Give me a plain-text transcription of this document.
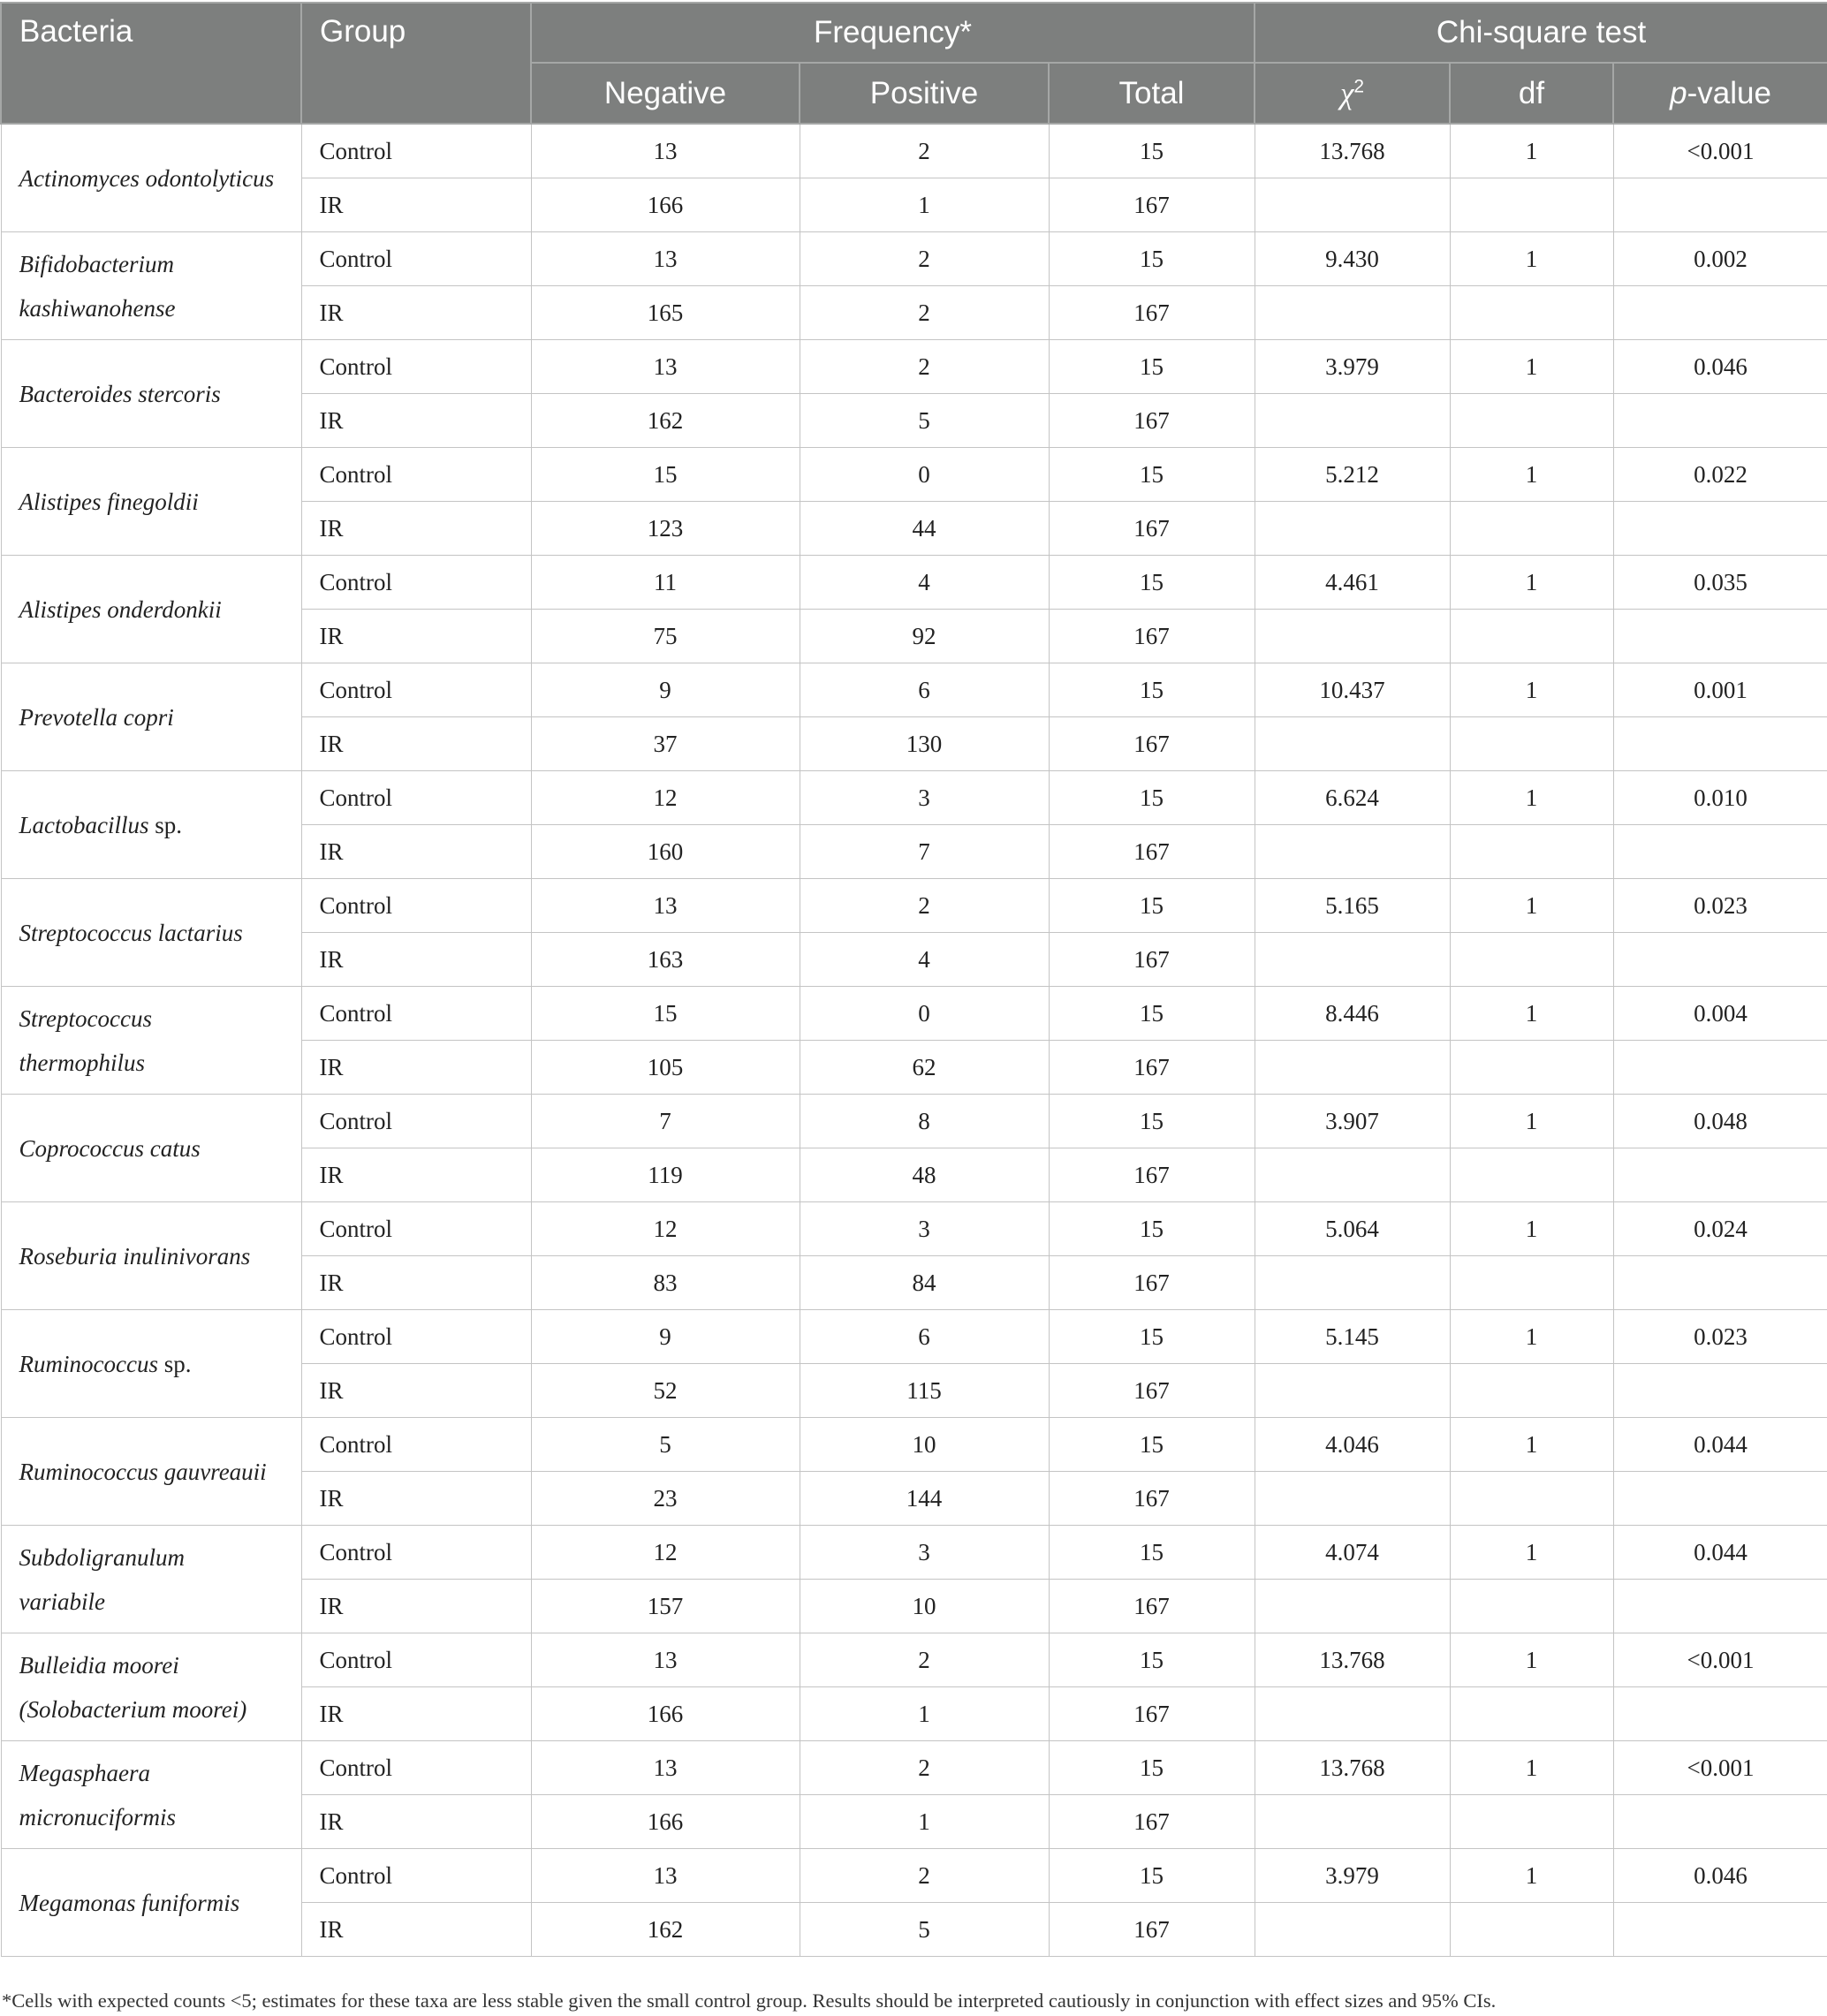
Bacteria	Group	Frequency*			Chi-square test		
		Negative	Positive	Total	$\chi^2$	df	p-value
Actinomyces odontolyticus	Control	13	2	15	13.768	1	<0.001
	IR	166	1	167			
Bifidobacterium
kashiwanohense	Control	13	2	15	9.430	1	0.002
	IR	165	2	167			
Bacteroides stercoris	Control	13	2	15	3.979	1	0.046
	IR	162	5	167			
Alistipes finegoldii	Control	15	0	15	5.212	1	0.022
	IR	123	44	167			
Alistipes onderdonkii	Control	11	4	15	4.461	1	0.035
	IR	75	92	167			
Prevotella copri	Control	9	6	15	10.437	1	0.001
	IR	37	130	167			
Lactobacillus sp.	Control	12	3	15	6.624	1	0.010
	IR	160	7	167			
Streptococcus lactarius	Control	13	2	15	5.165	1	0.023
	IR	163	4	167			
Streptococcus
thermophilus	Control	15	0	15	8.446	1	0.004
	IR	105	62	167			
Coprococcus catus	Control	7	8	15	3.907	1	0.048
	IR	119	48	167			
Roseburia inulinivorans	Control	12	3	15	5.064	1	0.024
	IR	83	84	167			
Ruminococcus sp.	Control	9	6	15	5.145	1	0.023
	IR	52	115	167			
Ruminococcus gauvreauii	Control	5	10	15	4.046	1	0.044
	IR	23	144	167			
Subdoligranulum
variabile	Control	12	3	15	4.074	1	0.044
	IR	157	10	167			
Bulleidia moorei
(Solobacterium moorei)	Control	13	2	15	13.768	1	<0.001
	IR	166	1	167			
Megasphaera
micronuciformis	Control	13	2	15	13.768	1	<0.001
	IR	166	1	167			
Megamonas funiformis	Control	13	2	15	3.979	1	0.046
	IR	162	5	167			
*Cells with expected counts <5; estimates for these taxa are less stable given the small control group. Results should be interpreted cautiously in conjunction with effect sizes and 95% CIs.
